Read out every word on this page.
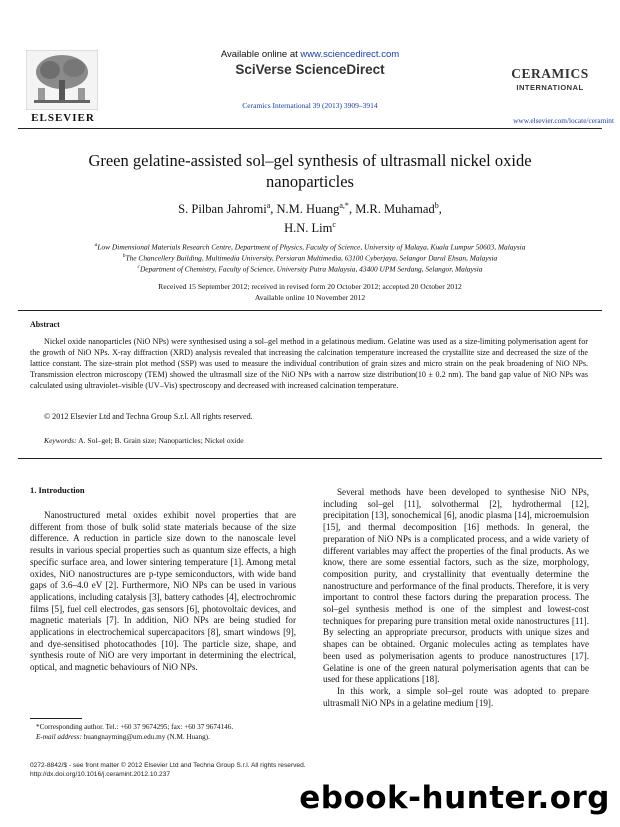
ELSEVIER
Available online at www.sciencedirect.com
SciVerse ScienceDirect
Ceramics International 39 (2013) 3909–3914
CERAMICS
INTERNATIONAL
www.elsevier.com/locate/ceramint
Green gelatine-assisted sol–gel synthesis of ultrasmall nickel oxide nanoparticles
S. Pilban Jahromi$^a$, N.M. Huang$^{a,*}$, M.R. Muhamad$^b$,
H.N. Lim$^c$
$^a$Low Dimensional Materials Research Centre, Department of Physics, Faculty of Science, University of Malaya, Kuala Lumpur 50603, Malaysia
$^b$The Chancellery Building, Multimedia University, Persiaran Multimedia, 63100 Cyberjaya, Selangor Darul Ehsan, Malaysia
$^c$Department of Chemistry, Faculty of Science, University Putra Malaysia, 43400 UPM Serdang, Selangor, Malaysia
Received 15 September 2012; received in revised form 20 October 2012; accepted 20 October 2012
Available online 10 November 2012
Abstract
Nickel oxide nanoparticles (NiO NPs) were synthesised using a sol–gel method in a gelatinous medium. Gelatine was used as a size-limiting polymerisation agent for the growth of NiO NPs. X-ray diffraction (XRD) analysis revealed that increasing the calcination temperature increased the crystallite size and decreased the size of the lattice constant. The size-strain plot method (SSP) was used to measure the individual contribution of grain sizes and micro strain on the peak broadening of NiO NPs. Transmission electron microscopy (TEM) showed the ultrasmall size of the NiO NPs with a narrow size distribution(10 ± 0.2 nm). The band gap value of NiO NPs was calculated using ultraviolet–visible (UV–Vis) spectroscopy and decreased with increased calcination temperature.
© 2012 Elsevier Ltd and Techna Group S.r.l. All rights reserved.
Keywords: A. Sol–gel; B. Grain size; Nanoparticles; Nickel oxide
1. Introduction

Nanostructured metal oxides exhibit novel properties that are different from those of bulk solid state materials because of the size difference. A reduction in particle size down to the nanoscale level results in various special properties such as quantum size effects, a high specific surface area, and lower sintering temperature [1]. Among metal oxides, NiO nanostructures are p-type semiconductors, with wide band gaps of 3.6–4.0 eV [2]. Furthermore, NiO NPs can be used in various applications, including catalysis [3], battery cathodes [4], electrochromic films [5], fuel cell electrodes, gas sensors [6], photovoltaic devices, and magnetic materials [7]. In addition, NiO NPs are being studied for applications in electrochemical supercapacitors [8], smart windows [9], and dye-sensitised photocathodes [10]. The particle size, shape, and synthesis route of NiO are very important in determining the electrical, optical, and magnetic behaviours of NiO NPs.

Several methods have been developed to synthesise NiO NPs, including sol–gel [11], solvothermal [2], hydrothermal [12], precipitation [13], sonochemical [6], anodic plasma [14], microemulsion [15], and thermal decomposition [16] methods. In general, the preparation of NiO NPs is a complicated process, and a wide variety of different variables may affect the properties of the final products. As we know, there are some essential factors, such as the size, morphology, composition purity, and crystallinity that eventually determine the nanostructure and performance of the final products. Therefore, it is very important to control these factors during the preparation process. The sol–gel synthesis method is one of the simplest and lowest-cost techniques for preparing pure transition metal oxide nanostructures [11]. By selecting an appropriate precursor, products with unique sizes and shapes can be obtained. Organic molecules acting as templates have been used as polymerisation agents to produce nanostructures [17]. Gelatine is one of the green natural polymerisation agents that can be used for these applications [18].

In this work, a simple sol–gel route was adopted to prepare ultrasmall NiO NPs in a gelatine medium [19].

*Corresponding author. Tel.: +60 37 9674295; fax: +60 37 9674146.
E-mail address: huangnayming@um.edu.my (N.M. Huang).
0272-8842/$ - see front matter © 2012 Elsevier Ltd and Techna Group S.r.l. All rights reserved.
http://dx.doi.org/10.1016/j.ceramint.2012.10.237
ebook-hunter.org
